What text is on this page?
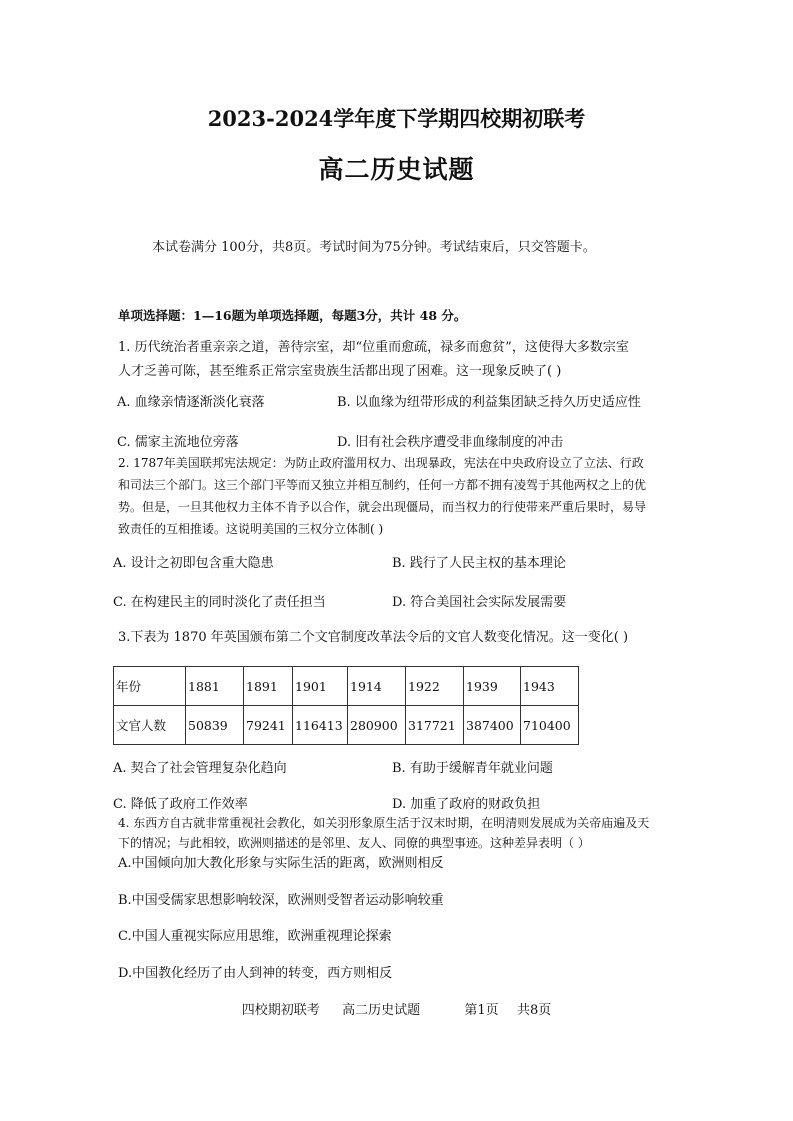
2023-2024学年度下学期四校期初联考
高二历史试题
本试卷满分 100分，共8页。考试时间为75分钟。考试结束后，只交答题卡。
单项选择题：1—16题为单项选择题，每题3分，共计 48 分。
1. 历代统治者重亲亲之道，善待宗室，却“位重而愈疏，禄多而愈贫”，这使得大多数宗室
人才乏善可陈，甚至维系正常宗室贵族生活都出现了困难。这一现象反映了( )
A. 血缘亲情逐渐淡化衰落	B. 以血缘为纽带形成的利益集团缺乏持久历史适应性
C. 儒家主流地位旁落	D. 旧有社会秩序遭受非血缘制度的冲击
2. 1787年美国联邦宪法规定：为防止政府滥用权力、出现暴政，宪法在中央政府设立了立法、行政
和司法三个部门。这三个部门平等而又独立并相互制约，任何一方都不拥有凌驾于其他两权之上的优
势。但是，一旦其他权力主体不肯予以合作，就会出现僵局，而当权力的行使带来严重后果时，易导
致责任的互相推诿。这说明美国的三权分立体制( )
A. 设计之初即包含重大隐患	B. 践行了人民主权的基本理论
C. 在构建民主的同时淡化了责任担当	D. 符合美国社会实际发展需要
3.下表为 1870 年英国颁布第二个文官制度改革法令后的文官人数变化情况。这一变化( )
年份	1881	1891	1901	1914	1922	1939	1943
文官人数	50839	79241	116413	280900	317721	387400	710400
A. 契合了社会管理复杂化趋向	B. 有助于缓解青年就业问题
C. 降低了政府工作效率	D. 加重了政府的财政负担
4. 东西方自古就非常重视社会教化，如关羽形象原生活于汉末时期，在明清则发展成为关帝庙遍及天
下的情况；与此相较，欧洲则描述的是邻里、友人、同僚的典型事迹。这种差异表明（ ）
A.中国倾向加大教化形象与实际生活的距离，欧洲则相反
B.中国受儒家思想影响较深，欧洲则受智者运动影响较重
C.中国人重视实际应用思维，欧洲重视理论探索
D.中国教化经历了由人到神的转变，西方则相反
四校期初联考 高二历史试题	第1页 共8页
